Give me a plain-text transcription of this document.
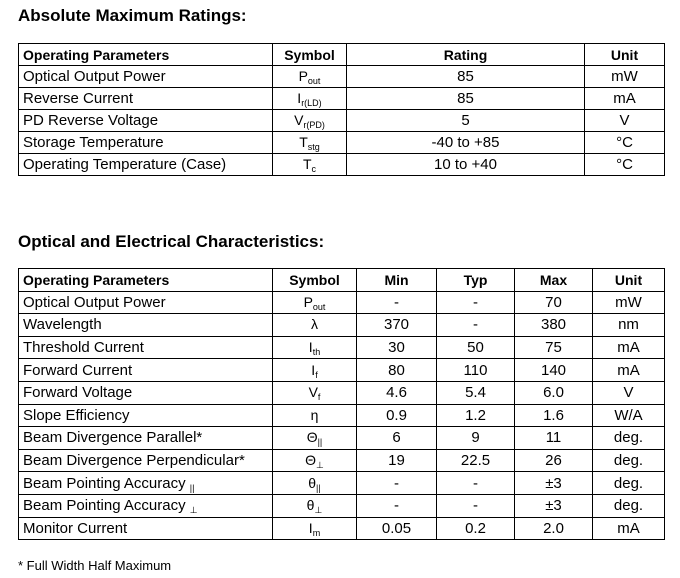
Absolute Maximum Ratings:
Operating Parameters	Symbol	Rating	Unit
Optical Output Power	$P_{out}$	85	mW
Reverse Current	$I_{r(LD)}$	85	mA
PD Reverse Voltage	$V_{r(PD)}$	5	V
Storage Temperature	$T_{stg}$	-40 to +85	°C
Operating Temperature (Case)	$T_c$	10 to +40	°C
Optical and Electrical Characteristics:
Operating Parameters	Symbol	Min	Typ	Max	Unit
Optical Output Power	$P_{out}$	-	-	70	mW
Wavelength	λ	370	-	380	nm
Threshold Current	$I_{th}$	30	50	75	mA
Forward Current	$I_f$	80	110	140	mA
Forward Voltage	$V_f$	4.6	5.4	6.0	V
Slope Efficiency	η	0.9	1.2	1.6	W/A
Beam Divergence Parallel*	$\Theta_{||}$	6	9	11	deg.
Beam Divergence Perpendicular*	$\Theta_\perp$	19	22.5	26	deg.
Beam Pointing Accuracy $_{||}$	$\theta_{||}$	-	-	±3	deg.
Beam Pointing Accuracy $_\perp$	$\theta_\perp$	-	-	±3	deg.
Monitor Current	$I_m$	0.05	0.2	2.0	mA

* Full Width Half Maximum
